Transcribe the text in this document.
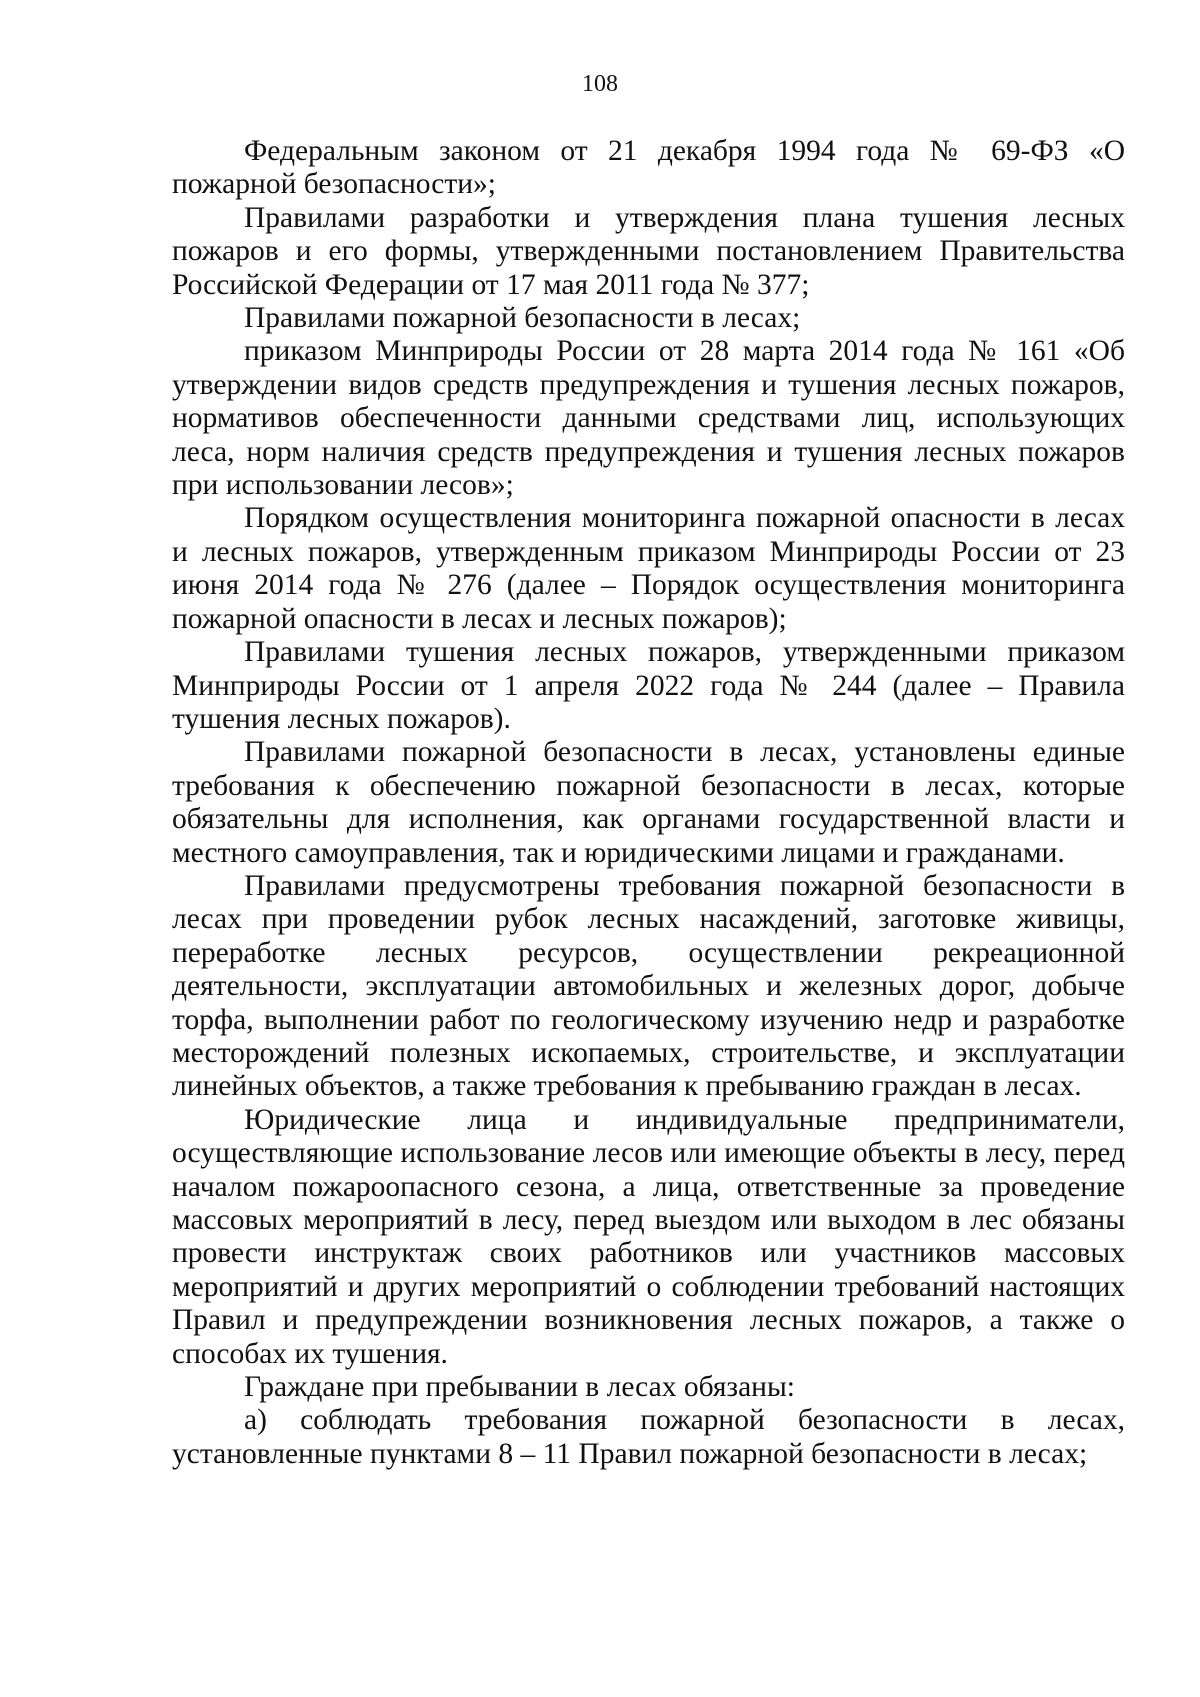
108

Федеральным законом от 21 декабря 1994 года № 69-ФЗ «О пожарной безопасности»;

Правилами разработки и утверждения плана тушения лесных пожаров и его формы, утвержденными постановлением Правительства Российской Федерации от 17 мая 2011 года № 377;

Правилами пожарной безопасности в лесах;

приказом Минприроды России от 28 марта 2014 года № 161 «Об утверждении видов средств предупреждения и тушения лесных пожаров, нормативов обеспеченности данными средствами лиц, использующих леса, норм наличия средств предупреждения и тушения лесных пожаров при использовании лесов»;

Порядком осуществления мониторинга пожарной опасности в лесах и лесных пожаров, утвержденным приказом Минприроды России от 23 июня 2014 года № 276 (далее – Порядок осуществления мониторинга пожарной опасности в лесах и лесных пожаров);

Правилами тушения лесных пожаров, утвержденными приказом Минприроды России от 1 апреля 2022 года № 244 (далее – Правила тушения лесных пожаров).

Правилами пожарной безопасности в лесах, установлены единые требования к обеспечению пожарной безопасности в лесах, которые обязательны для исполнения, как органами государственной власти и местного самоуправления, так и юридическими лицами и гражданами.

Правилами предусмотрены требования пожарной безопасности в лесах при проведении рубок лесных насаждений, заготовке живицы, переработке лесных ресурсов, осуществлении рекреационной деятельности, эксплуатации автомобильных и железных дорог, добыче торфа, выполнении работ по геологическому изучению недр и разработке месторождений полезных ископаемых, строительстве, и эксплуатации линейных объектов, а также требования к пребыванию граждан в лесах.

Юридические лица и индивидуальные предприниматели, осуществляющие использование лесов или имеющие объекты в лесу, перед началом пожароопасного сезона, а лица, ответственные за проведение массовых мероприятий в лесу, перед выездом или выходом в лес обязаны провести инструктаж своих работников или участников массовых мероприятий и других мероприятий о соблюдении требований настоящих Правил и предупреждении возникновения лесных пожаров, а также о способах их тушения.

Граждане при пребывании в лесах обязаны:

а) соблюдать требования пожарной безопасности в лесах, установленные пунктами 8 – 11 Правил пожарной безопасности в лесах;
